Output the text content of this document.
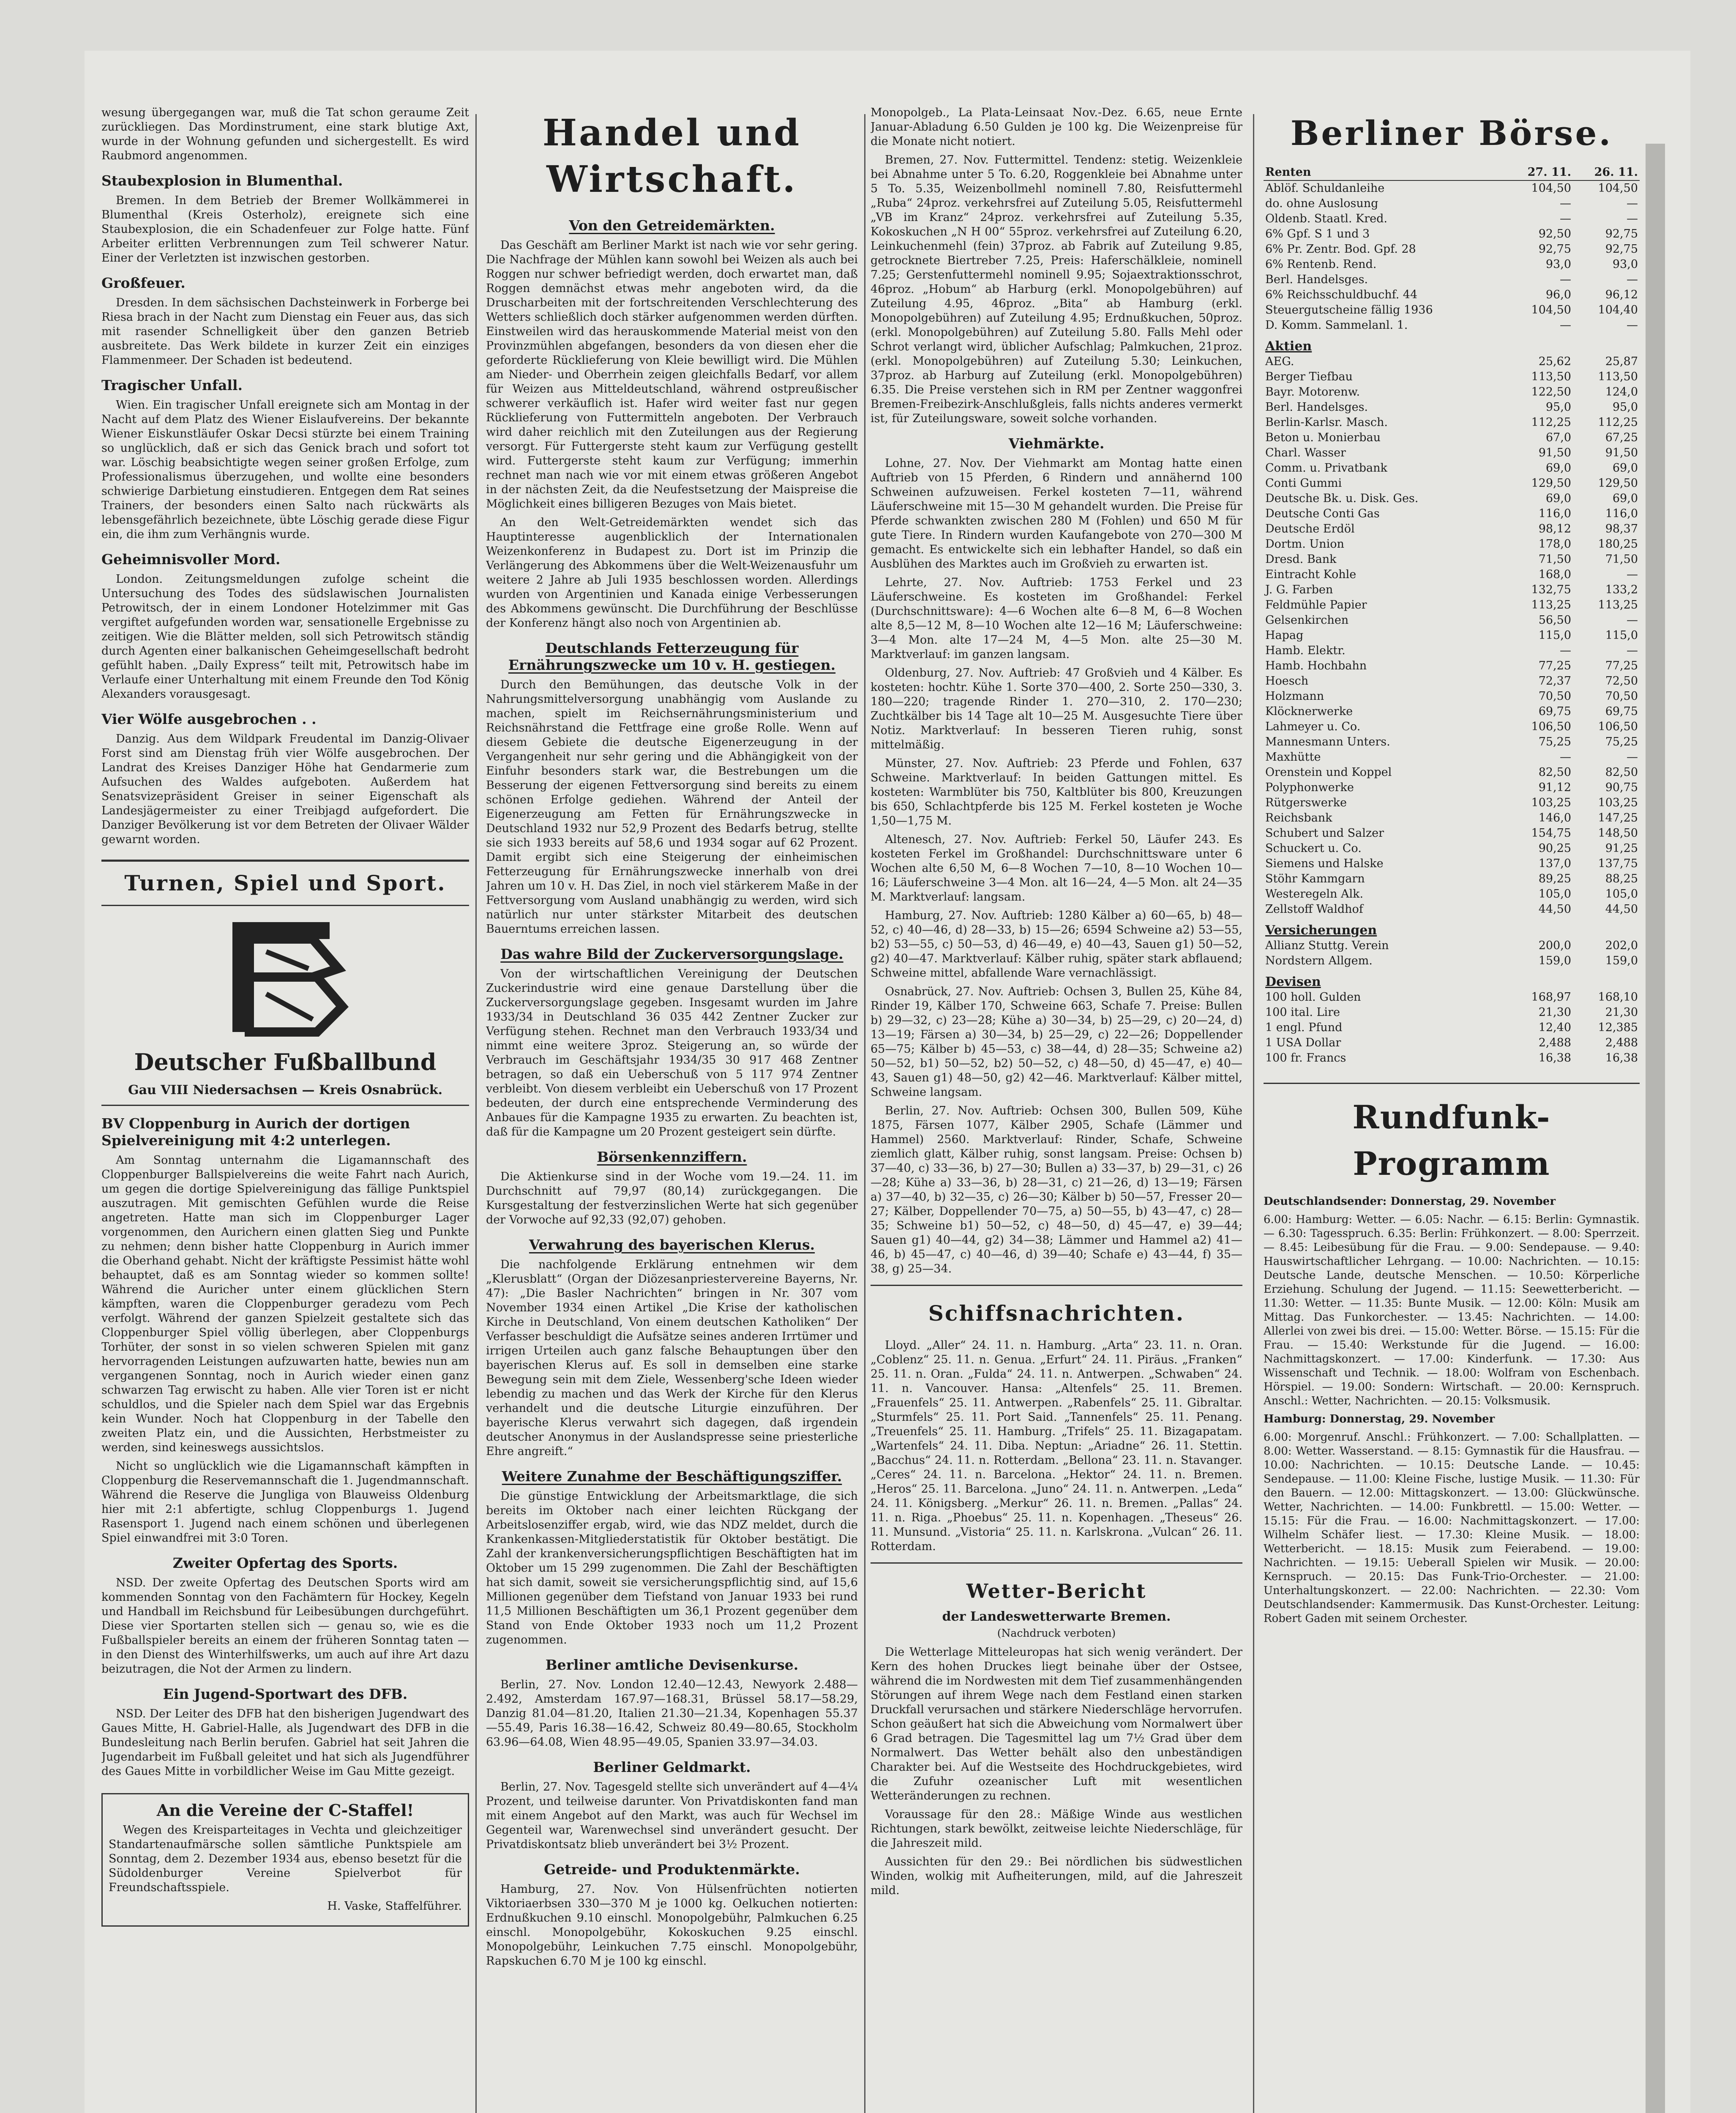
wesung übergegangen war, muß die Tat schon geraume Zeit zurückliegen. Das Mordinstrument, eine stark blutige Axt, wurde in der Wohnung gefunden und sichergestellt. Es wird Raubmord angenommen.

Staubexplosion in Blumenthal.

Bremen. In dem Betrieb der Bremer Wollkämmerei in Blumenthal (Kreis Osterholz), ereignete sich eine Staubexplosion, die ein Schadenfeuer zur Folge hatte. Fünf Arbeiter erlitten Verbrennungen zum Teil schwerer Natur. Einer der Verletzten ist inzwischen gestorben.

Großfeuer.

Dresden. In dem sächsischen Dachsteinwerk in Forberge bei Riesa brach in der Nacht zum Dienstag ein Feuer aus, das sich mit rasender Schnelligkeit über den ganzen Betrieb ausbreitete. Das Werk bildete in kurzer Zeit ein einziges Flammenmeer. Der Schaden ist bedeutend.

Tragischer Unfall.

Wien. Ein tragischer Unfall ereignete sich am Montag in der Nacht auf dem Platz des Wiener Eislaufvereins. Der bekannte Wiener Eiskunstläufer Oskar Decsi stürzte bei einem Training so unglücklich, daß er sich das Genick brach und sofort tot war. Löschig beabsichtigte wegen seiner großen Erfolge, zum Professionalismus überzugehen, und wollte eine besonders schwierige Darbietung einstudieren. Entgegen dem Rat seines Trainers, der besonders einen Salto nach rückwärts als lebensgefährlich bezeichnete, übte Löschig gerade diese Figur ein, die ihm zum Verhängnis wurde.

Geheimnisvoller Mord.

London. Zeitungsmeldungen zufolge scheint die Untersuchung des Todes des südslawischen Journalisten Petrowitsch, der in einem Londoner Hotelzimmer mit Gas vergiftet aufgefunden worden war, sensationelle Ergebnisse zu zeitigen. Wie die Blätter melden, soll sich Petrowitsch ständig durch Agenten einer balkanischen Geheimgesellschaft bedroht gefühlt haben. „Daily Express“ teilt mit, Petrowitsch habe im Verlaufe einer Unterhaltung mit einem Freunde den Tod König Alexanders vorausgesagt.

Vier Wölfe ausgebrochen . .

Danzig. Aus dem Wildpark Freudental im Danzig-Olivaer Forst sind am Dienstag früh vier Wölfe ausgebrochen. Der Landrat des Kreises Danziger Höhe hat Gendarmerie zum Aufsuchen des Waldes aufgeboten. Außerdem hat Senatsvizepräsident Greiser in seiner Eigenschaft als Landesjägermeister zu einer Treibjagd aufgefordert. Die Danziger Bevölkerung ist vor dem Betreten der Olivaer Wälder gewarnt worden.

Turnen, Spiel und Sport.
Deutscher Fußballbund
Gau VIII Niedersachsen — Kreis Osnabrück.
BV Cloppenburg in Aurich der dortigen Spielvereinigung mit 4:2 unterlegen.

Am Sonntag unternahm die Ligamannschaft des Cloppenburger Ballspielvereins die weite Fahrt nach Aurich, um gegen die dortige Spielvereinigung das fällige Punktspiel auszutragen. Mit gemischten Gefühlen wurde die Reise angetreten. Hatte man sich im Cloppenburger Lager vorgenommen, den Aurichern einen glatten Sieg und Punkte zu nehmen; denn bisher hatte Cloppenburg in Aurich immer die Oberhand gehabt. Nicht der kräftigste Pessimist hätte wohl behauptet, daß es am Sonntag wieder so kommen sollte! Während die Auricher unter einem glücklichen Stern kämpften, waren die Cloppenburger geradezu vom Pech verfolgt. Während der ganzen Spielzeit gestaltete sich das Cloppenburger Spiel völlig überlegen, aber Cloppenburgs Torhüter, der sonst in so vielen schweren Spielen mit ganz hervorragenden Leistungen aufzuwarten hatte, bewies nun am vergangenen Sonntag, noch in Aurich wieder einen ganz schwarzen Tag erwischt zu haben. Alle vier Toren ist er nicht schuldlos, und die Spieler nach dem Spiel war das Ergebnis kein Wunder. Noch hat Cloppenburg in der Tabelle den zweiten Platz ein, und die Aussichten, Herbstmeister zu werden, sind keineswegs aussichtslos.

Nicht so unglücklich wie die Ligamannschaft kämpften in Cloppenburg die Reservemannschaft die 1. Jugendmannschaft. Während die Reserve die Jungliga von Blauweiss Oldenburg hier mit 2:1 abfertigte, schlug Cloppenburgs 1. Jugend Rasensport 1. Jugend nach einem schönen und überlegenen Spiel einwandfrei mit 3:0 Toren.

Zweiter Opfertag des Sports.

NSD. Der zweite Opfertag des Deutschen Sports wird am kommenden Sonntag von den Fachämtern für Hockey, Kegeln und Handball im Reichsbund für Leibesübungen durchgeführt. Diese vier Sportarten stellen sich — genau so, wie es die Fußballspieler bereits an einem der früheren Sonntag taten — in den Dienst des Winterhilfswerks, um auch auf ihre Art dazu beizutragen, die Not der Armen zu lindern.

Ein Jugend-Sportwart des DFB.

NSD. Der Leiter des DFB hat den bisherigen Jugendwart des Gaues Mitte, H. Gabriel-Halle, als Jugendwart des DFB in die Bundesleitung nach Berlin berufen. Gabriel hat seit Jahren die Jugendarbeit im Fußball geleitet und hat sich als Jugendführer des Gaues Mitte in vorbildlicher Weise im Gau Mitte gezeigt.

An die Vereine der C-Staffel!

Wegen des Kreisparteitages in Vechta und gleichzeitiger Standartenaufmärsche sollen sämtliche Punktspiele am Sonntag, dem 2. Dezember 1934 aus, ebenso besetzt für die Südoldenburger Vereine Spielverbot für Freundschaftsspiele.

H. Vaske, Staffelführer.

Handel und Wirtschaft.
Von den Getreidemärkten.

Das Geschäft am Berliner Markt ist nach wie vor sehr gering. Die Nachfrage der Mühlen kann sowohl bei Weizen als auch bei Roggen nur schwer befriedigt werden, doch erwartet man, daß Roggen demnächst etwas mehr angeboten wird, da die Druscharbeiten mit der fortschreitenden Verschlechterung des Wetters schließlich doch stärker aufgenommen werden dürften. Einstweilen wird das herauskommende Material meist von den Provinzmühlen abgefangen, besonders da von diesen eher die geforderte Rücklieferung von Kleie bewilligt wird. Die Mühlen am Nieder- und Oberrhein zeigen gleichfalls Bedarf, vor allem für Weizen aus Mitteldeutschland, während ostpreußischer schwerer verkäuflich ist. Hafer wird weiter fast nur gegen Rücklieferung von Futtermitteln angeboten. Der Verbrauch wird daher reichlich mit den Zuteilungen aus der Regierung versorgt. Für Futtergerste steht kaum zur Verfügung gestellt wird. Futtergerste steht kaum zur Verfügung; immerhin rechnet man nach wie vor mit einem etwas größeren Angebot in der nächsten Zeit, da die Neufestsetzung der Maispreise die Möglichkeit eines billigeren Bezuges von Mais bietet.

An den Welt-Getreidemärkten wendet sich das Hauptinteresse augenblicklich der Internationalen Weizenkonferenz in Budapest zu. Dort ist im Prinzip die Verlängerung des Abkommens über die Welt-Weizenausfuhr um weitere 2 Jahre ab Juli 1935 beschlossen worden. Allerdings wurden von Argentinien und Kanada einige Verbesserungen des Abkommens gewünscht. Die Durchführung der Beschlüsse der Konferenz hängt also noch von Argentinien ab.

Deutschlands Fetterzeugung für Ernährungszwecke um 10 v. H. gestiegen.

Durch den Bemühungen, das deutsche Volk in der Nahrungsmittelversorgung unabhängig vom Auslande zu machen, spielt im Reichsernährungsministerium und Reichsnährstand die Fettfrage eine große Rolle. Wenn auf diesem Gebiete die deutsche Eigenerzeugung in der Vergangenheit nur sehr gering und die Abhängigkeit von der Einfuhr besonders stark war, die Bestrebungen um die Besserung der eigenen Fettversorgung sind bereits zu einem schönen Erfolge gediehen. Während der Anteil der Eigenerzeugung am Fetten für Ernährungszwecke in Deutschland 1932 nur 52,9 Prozent des Bedarfs betrug, stellte sie sich 1933 bereits auf 58,6 und 1934 sogar auf 62 Prozent. Damit ergibt sich eine Steigerung der einheimischen Fetterzeugung für Ernährungszwecke innerhalb von drei Jahren um 10 v. H. Das Ziel, in noch viel stärkerem Maße in der Fettversorgung vom Ausland unabhängig zu werden, wird sich natürlich nur unter stärkster Mitarbeit des deutschen Bauerntums erreichen lassen.

Das wahre Bild der Zuckerversorgungslage.

Von der wirtschaftlichen Vereinigung der Deutschen Zuckerindustrie wird eine genaue Darstellung über die Zuckerversorgungslage gegeben. Insgesamt wurden im Jahre 1933/34 in Deutschland 36 035 442 Zentner Zucker zur Verfügung stehen. Rechnet man den Verbrauch 1933/34 und nimmt eine weitere 3proz. Steigerung an, so würde der Verbrauch im Geschäftsjahr 1934/35 30 917 468 Zentner betragen, so daß ein Ueberschuß von 5 117 974 Zentner verbleibt. Von diesem verbleibt ein Ueberschuß von 17 Prozent bedeuten, der durch eine entsprechende Verminderung des Anbaues für die Kampagne 1935 zu erwarten. Zu beachten ist, daß für die Kampagne um 20 Prozent gesteigert sein dürfte.

Börsenkennziffern.

Die Aktienkurse sind in der Woche vom 19.—24. 11. im Durchschnitt auf 79,97 (80,14) zurückgegangen. Die Kursgestaltung der festverzinslichen Werte hat sich gegenüber der Vorwoche auf 92,33 (92,07) gehoben.

Verwahrung des bayerischen Klerus.

Die nachfolgende Erklärung entnehmen wir dem „Klerusblatt“ (Organ der Diözesanpriestervereine Bayerns, Nr. 47): „Die Basler Nachrichten“ bringen in Nr. 307 vom November 1934 einen Artikel „Die Krise der katholischen Kirche in Deutschland, Von einem deutschen Katholiken“ Der Verfasser beschuldigt die Aufsätze seines anderen Irrtümer und irrigen Urteilen auch ganz falsche Behauptungen über den bayerischen Klerus auf. Es soll in demselben eine starke Bewegung sein mit dem Ziele, Wessenberg'sche Ideen wieder lebendig zu machen und das Werk der Kirche für den Klerus verhandelt und die deutsche Liturgie einzuführen. Der bayerische Klerus verwahrt sich dagegen, daß irgendein deutscher Anonymus in der Auslandspresse seine priesterliche Ehre angreift.“

Weitere Zunahme der Beschäftigungsziffer.

Die günstige Entwicklung der Arbeitsmarktlage, die sich bereits im Oktober nach einer leichten Rückgang der Arbeitslosenziffer ergab, wird, wie das NDZ meldet, durch die Krankenkassen-Mitgliederstatistik für Oktober bestätigt. Die Zahl der krankenversicherungspflichtigen Beschäftigten hat im Oktober um 15 299 zugenommen. Die Zahl der Beschäftigten hat sich damit, soweit sie versicherungspflichtig sind, auf 15,6 Millionen gegenüber dem Tiefstand von Januar 1933 bei rund 11,5 Millionen Beschäftigten um 36,1 Prozent gegenüber dem Stand von Ende Oktober 1933 noch um 11,2 Prozent zugenommen.

Berliner amtliche Devisenkurse.

Berlin, 27. Nov. London 12.40—12.43, Newyork 2.488—2.492, Amsterdam 167.97—168.31, Brüssel 58.17—58.29, Danzig 81.04—81.20, Italien 21.30—21.34, Kopenhagen 55.37—55.49, Paris 16.38—16.42, Schweiz 80.49—80.65, Stockholm 63.96—64.08, Wien 48.95—49.05, Spanien 33.97—34.03.

Berliner Geldmarkt.

Berlin, 27. Nov. Tagesgeld stellte sich unverändert auf 4—4¼ Prozent, und teilweise darunter. Von Privatdiskonten fand man mit einem Angebot auf den Markt, was auch für Wechsel im Gegenteil war, Warenwechsel sind unverändert gesucht. Der Privatdiskontsatz blieb unverändert bei 3½ Prozent.

Getreide- und Produktenmärkte.

Hamburg, 27. Nov. Von Hülsenfrüchten notierten Viktoriaerbsen 330—370 M je 1000 kg. Oelkuchen notierten: Erdnußkuchen 9.10 einschl. Monopolgebühr, Palmkuchen 6.25 einschl. Monopolgebühr, Kokoskuchen 9.25 einschl. Monopolgebühr, Leinkuchen 7.75 einschl. Monopolgebühr, Rapskuchen 6.70 M je 100 kg einschl.

Monopolgeb., La Plata-Leinsaat Nov.-Dez. 6.65, neue Ernte Januar-Abladung 6.50 Gulden je 100 kg. Die Weizenpreise für die Monate nicht notiert.

Bremen, 27. Nov. Futtermittel. Tendenz: stetig. Weizenkleie bei Abnahme unter 5 To. 6.20, Roggenkleie bei Abnahme unter 5 To. 5.35, Weizenbollmehl nominell 7.80, Reisfuttermehl „Ruba“ 24proz. verkehrsfrei auf Zuteilung 5.05, Reisfuttermehl „VB im Kranz“ 24proz. verkehrsfrei auf Zuteilung 5.35, Kokoskuchen „N H 00“ 55proz. verkehrsfrei auf Zuteilung 6.20, Leinkuchenmehl (fein) 37proz. ab Fabrik auf Zuteilung 9.85, getrocknete Biertreber 7.25, Preis: Haferschälkleie, nominell 7.25; Gerstenfuttermehl nominell 9.95; Sojaextraktionsschrot, 46proz. „Hobum“ ab Harburg (erkl. Monopolgebühren) auf Zuteilung 4.95, 46proz. „Bita“ ab Hamburg (erkl. Monopolgebühren) auf Zuteilung 4.95; Erdnußkuchen, 50proz. (erkl. Monopolgebühren) auf Zuteilung 5.80. Falls Mehl oder Schrot verlangt wird, üblicher Aufschlag; Palmkuchen, 21proz. (erkl. Monopolgebühren) auf Zuteilung 5.30; Leinkuchen, 37proz. ab Harburg auf Zuteilung (erkl. Monopolgebühren) 6.35. Die Preise verstehen sich in RM per Zentner waggonfrei Bremen-Freibezirk-Anschlußgleis, falls nichts anderes vermerkt ist, für Zuteilungsware, soweit solche vorhanden.

Viehmärkte.

Lohne, 27. Nov. Der Viehmarkt am Montag hatte einen Auftrieb von 15 Pferden, 6 Rindern und annähernd 100 Schweinen aufzuweisen. Ferkel kosteten 7—11, während Läuferschweine mit 15—30 M gehandelt wurden. Die Preise für Pferde schwankten zwischen 280 M (Fohlen) und 650 M für gute Tiere. In Rindern wurden Kaufangebote von 270—300 M gemacht. Es entwickelte sich ein lebhafter Handel, so daß ein Ausblühen des Marktes auch im Großvieh zu erwarten ist.

Lehrte, 27. Nov. Auftrieb: 1753 Ferkel und 23 Läuferschweine. Es kosteten im Großhandel: Ferkel (Durchschnittsware): 4—6 Wochen alte 6—8 M, 6—8 Wochen alte 8,5—12 M, 8—10 Wochen alte 12—16 M; Läuferschweine: 3—4 Mon. alte 17—24 M, 4—5 Mon. alte 25—30 M. Marktverlauf: im ganzen langsam.

Oldenburg, 27. Nov. Auftrieb: 47 Großvieh und 4 Kälber. Es kosteten: hochtr. Kühe 1. Sorte 370—400, 2. Sorte 250—330, 3. 180—220; tragende Rinder 1. 270—310, 2. 170—230; Zuchtkälber bis 14 Tage alt 10—25 M. Ausgesuchte Tiere über Notiz. Marktverlauf: In besseren Tieren ruhig, sonst mittelmäßig.

Münster, 27. Nov. Auftrieb: 23 Pferde und Fohlen, 637 Schweine. Marktverlauf: In beiden Gattungen mittel. Es kosteten: Warmblüter bis 750, Kaltblüter bis 800, Kreuzungen bis 650, Schlachtpferde bis 125 M. Ferkel kosteten je Woche 1,50—1,75 M.

Altenesch, 27. Nov. Auftrieb: Ferkel 50, Läufer 243. Es kosteten Ferkel im Großhandel: Durchschnittsware unter 6 Wochen alte 6,50 M, 6—8 Wochen 7—10, 8—10 Wochen 10—16; Läuferschweine 3—4 Mon. alt 16—24, 4—5 Mon. alt 24—35 M. Marktverlauf: langsam.

Hamburg, 27. Nov. Auftrieb: 1280 Kälber a) 60—65, b) 48—52, c) 40—46, d) 28—33, b) 15—26; 6594 Schweine a2) 53—55, b2) 53—55, c) 50—53, d) 46—49, e) 40—43, Sauen g1) 50—52, g2) 40—47. Marktverlauf: Kälber ruhig, später stark abflauend; Schweine mittel, abfallende Ware vernachlässigt.

Osnabrück, 27. Nov. Auftrieb: Ochsen 3, Bullen 25, Kühe 84, Rinder 19, Kälber 170, Schweine 663, Schafe 7. Preise: Bullen b) 29—32, c) 23—28; Kühe a) 30—34, b) 25—29, c) 20—24, d) 13—19; Färsen a) 30—34, b) 25—29, c) 22—26; Doppellender 65—75; Kälber b) 45—53, c) 38—44, d) 28—35; Schweine a2) 50—52, b1) 50—52, b2) 50—52, c) 48—50, d) 45—47, e) 40—43, Sauen g1) 48—50, g2) 42—46. Marktverlauf: Kälber mittel, Schweine langsam.

Berlin, 27. Nov. Auftrieb: Ochsen 300, Bullen 509, Kühe 1875, Färsen 1077, Kälber 2905, Schafe (Lämmer und Hammel) 2560. Marktverlauf: Rinder, Schafe, Schweine ziemlich glatt, Kälber ruhig, sonst langsam. Preise: Ochsen b) 37—40, c) 33—36, b) 27—30; Bullen a) 33—37, b) 29—31, c) 26—28; Kühe a) 33—36, b) 28—31, c) 21—26, d) 13—19; Färsen a) 37—40, b) 32—35, c) 26—30; Kälber b) 50—57, Fresser 20—27; Kälber, Doppellender 70—75, a) 50—55, b) 43—47, c) 28—35; Schweine b1) 50—52, c) 48—50, d) 45—47, e) 39—44; Sauen g1) 40—44, g2) 34—38; Lämmer und Hammel a2) 41—46, b) 45—47, c) 40—46, d) 39—40; Schafe e) 43—44, f) 35—38, g) 25—34.

Schiffsnachrichten.

Lloyd. „Aller“ 24. 11. n. Hamburg. „Arta“ 23. 11. n. Oran. „Coblenz“ 25. 11. n. Genua. „Erfurt“ 24. 11. Piräus. „Franken“ 25. 11. n. Oran. „Fulda“ 24. 11. n. Antwerpen. „Schwaben“ 24. 11. n. Vancouver. Hansa: „Altenfels“ 25. 11. Bremen. „Frauenfels“ 25. 11. Antwerpen. „Rabenfels“ 25. 11. Gibraltar. „Sturmfels“ 25. 11. Port Said. „Tannenfels“ 25. 11. Penang. „Treuenfels“ 25. 11. Hamburg. „Trifels“ 25. 11. Bizagapatam. „Wartenfels“ 24. 11. Diba. Neptun: „Ariadne“ 26. 11. Stettin. „Bacchus“ 24. 11. n. Rotterdam. „Bellona“ 23. 11. n. Stavanger. „Ceres“ 24. 11. n. Barcelona. „Hektor“ 24. 11. n. Bremen. „Heros“ 25. 11. Barcelona. „Juno“ 24. 11. n. Antwerpen. „Leda“ 24. 11. Königsberg. „Merkur“ 26. 11. n. Bremen. „Pallas“ 24. 11. n. Riga. „Phoebus“ 25. 11. n. Kopenhagen. „Theseus“ 26. 11. Munsund. „Vistoria“ 25. 11. n. Karlskrona. „Vulcan“ 26. 11. Rotterdam.

Wetter-Bericht
der Landeswetterwarte Bremen.
(Nachdruck verboten)

Die Wetterlage Mitteleuropas hat sich wenig verändert. Der Kern des hohen Druckes liegt beinahe über der Ostsee, während die im Nordwesten mit dem Tief zusammenhängenden Störungen auf ihrem Wege nach dem Festland einen starken Druckfall verursachen und stärkere Niederschläge hervorrufen. Schon geäußert hat sich die Abweichung vom Normalwert über 6 Grad betragen. Die Tagesmittel lag um 7½ Grad über dem Normalwert. Das Wetter behält also den unbeständigen Charakter bei. Auf die Westseite des Hochdruckgebietes, wird die Zufuhr ozeanischer Luft mit wesentlichen Wetteränderungen zu rechnen.

Voraussage für den 28.: Mäßige Winde aus westlichen Richtungen, stark bewölkt, zeitweise leichte Niederschläge, für die Jahreszeit mild.

Aussichten für den 29.: Bei nördlichen bis südwestlichen Winden, wolkig mit Aufheiterungen, mild, auf die Jahreszeit mild.

Berliner Börse.
Renten	27. 11.	26. 11.
Ablöf. Schuldanleihe	104,50	104,50
do. ohne Auslosung	—	—
Oldenb. Staatl. Kred.	—	—
6% Gpf. S 1 und 3	92,50	92,75
6% Pr. Zentr. Bod. Gpf. 28	92,75	92,75
6% Rentenb. Rend.	93,0	93,0
Berl. Handelsges.	—	—
6% Reichsschuldbuchf. 44	96,0	96,12
Steuergutscheine fällig 1936	104,50	104,40
D. Komm. Sammelanl. 1.	—	—
Aktien		
AEG.	25,62	25,87
Berger Tiefbau	113,50	113,50
Bayr. Motorenw.	122,50	124,0
Berl. Handelsges.	95,0	95,0
Berlin-Karlsr. Masch.	112,25	112,25
Beton u. Monierbau	67,0	67,25
Charl. Wasser	91,50	91,50
Comm. u. Privatbank	69,0	69,0
Conti Gummi	129,50	129,50
Deutsche Bk. u. Disk. Ges.	69,0	69,0
Deutsche Conti Gas	116,0	116,0
Deutsche Erdöl	98,12	98,37
Dortm. Union	178,0	180,25
Dresd. Bank	71,50	71,50
Eintracht Kohle	168,0	—
J. G. Farben	132,75	133,2
Feldmühle Papier	113,25	113,25
Gelsenkirchen	56,50	—
Hapag	115,0	115,0
Hamb. Elektr.	—	—
Hamb. Hochbahn	77,25	77,25
Hoesch	72,37	72,50
Holzmann	70,50	70,50
Klöcknerwerke	69,75	69,75
Lahmeyer u. Co.	106,50	106,50
Mannesmann Unters.	75,25	75,25
Maxhütte	—	—
Orenstein und Koppel	82,50	82,50
Polyphonwerke	91,12	90,75
Rütgerswerke	103,25	103,25
Reichsbank	146,0	147,25
Schubert und Salzer	154,75	148,50
Schuckert u. Co.	90,25	91,25
Siemens und Halske	137,0	137,75
Stöhr Kammgarn	89,25	88,25
Westeregeln Alk.	105,0	105,0
Zellstoff Waldhof	44,50	44,50
Versicherungen		
Allianz Stuttg. Verein	200,0	202,0
Nordstern Allgem.	159,0	159,0
Devisen		
100 holl. Gulden	168,97	168,10
100 ital. Lire	21,30	21,30
1 engl. Pfund	12,40	12,385
1 USA Dollar	2,488	2,488
100 fr. Francs	16,38	16,38
Rundfunk-Programm

Deutschlandsender: Donnerstag, 29. November

6.00: Hamburg: Wetter. — 6.05: Nachr. — 6.15: Berlin: Gymnastik. — 6.30: Tagesspruch. 6.35: Berlin: Frühkonzert. — 8.00: Sperrzeit. — 8.45: Leibesübung für die Frau. — 9.00: Sendepause. — 9.40: Hauswirtschaftlicher Lehrgang. — 10.00: Nachrichten. — 10.15: Deutsche Lande, deutsche Menschen. — 10.50: Körperliche Erziehung. Schulung der Jugend. — 11.15: Seewetterbericht. — 11.30: Wetter. — 11.35: Bunte Musik. — 12.00: Köln: Musik am Mittag. Das Funkorchester. — 13.45: Nachrichten. — 14.00: Allerlei von zwei bis drei. — 15.00: Wetter. Börse. — 15.15: Für die Frau. — 15.40: Werkstunde für die Jugend. — 16.00: Nachmittagskonzert. — 17.00: Kinderfunk. — 17.30: Aus Wissenschaft und Technik. — 18.00: Wolfram von Eschenbach. Hörspiel. — 19.00: Sondern: Wirtschaft. — 20.00: Kernspruch. Anschl.: Wetter, Nachrichten. — 20.15: Volksmusik.

Hamburg: Donnerstag, 29. November

6.00: Morgenruf. Anschl.: Frühkonzert. — 7.00: Schallplatten. — 8.00: Wetter. Wasserstand. — 8.15: Gymnastik für die Hausfrau. — 10.00: Nachrichten. — 10.15: Deutsche Lande. — 10.45: Sendepause. — 11.00: Kleine Fische, lustige Musik. — 11.30: Für den Bauern. — 12.00: Mittagskonzert. — 13.00: Glückwünsche. Wetter, Nachrichten. — 14.00: Funkbrettl. — 15.00: Wetter. — 15.15: Für die Frau. — 16.00: Nachmittagskonzert. — 17.00: Wilhelm Schäfer liest. — 17.30: Kleine Musik. — 18.00: Wetterbericht. — 18.15: Musik zum Feierabend. — 19.00: Nachrichten. — 19.15: Ueberall Spielen wir Musik. — 20.00: Kernspruch. — 20.15: Das Funk-Trio-Orchester. — 21.00: Unterhaltungskonzert. — 22.00: Nachrichten. — 22.30: Vom Deutschlandsender: Kammermusik. Das Kunst-Orchester. Leitung: Robert Gaden mit seinem Orchester.
